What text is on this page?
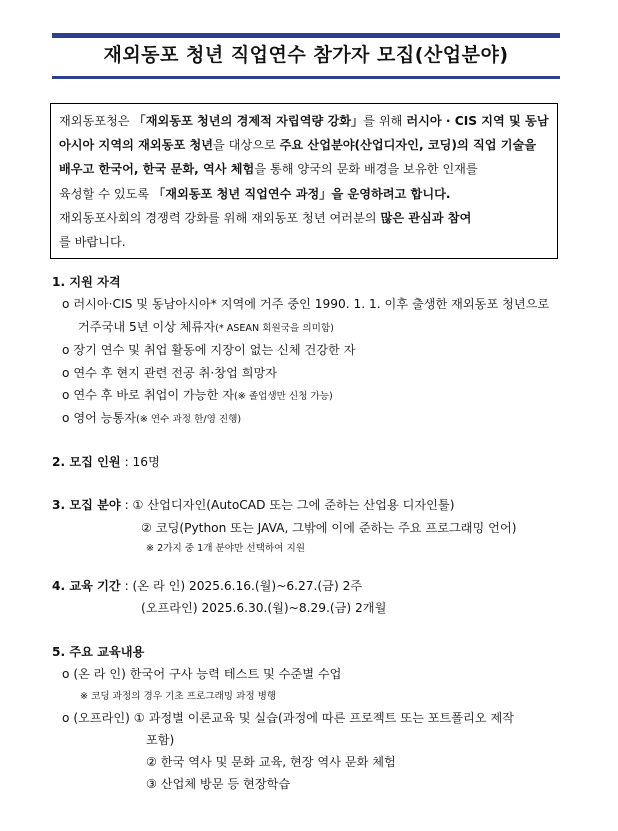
재외동포 청년 직업연수 참가자 모집(산업분야)
재외동포청은 「재외동포 청년의 경제적 자립역량 강화」를 위해 러시아 · CIS 지역 및 동남
아시아 지역의 재외동포 청년을 대상으로 주요 산업분야(산업디자인, 코딩)의 직업 기술을
배우고 한국어, 한국 문화, 역사 체험을 통해 양국의 문화 배경을 보유한 인재를
육성할 수 있도록 「재외동포 청년 직업연수 과정」을 운영하려고 합니다.
재외동포사회의 경쟁력 강화를 위해 재외동포 청년 여러분의 많은 관심과 참여
를 바랍니다.
1. 지원 자격
o 러시아·CIS 및 동남아시아* 지역에 거주 중인 1990. 1. 1. 이후 출생한 재외동포 청년으로
거주국내 5년 이상 체류자(* ASEAN 회원국을 의미함)
o 장기 연수 및 취업 활동에 지장이 없는 신체 건강한 자
o 연수 후 현지 관련 전공 취·창업 희망자
o 연수 후 바로 취업이 가능한 자(※ 졸업생만 신청 가능)
o 영어 능통자(※ 연수 과정 한/영 진행)
2. 모집 인원 : 16명
3. 모집 분야 : ① 산업디자인(AutoCAD 또는 그에 준하는 산업용 디자인툴)
② 코딩(Python 또는 JAVA, 그밖에 이에 준하는 주요 프로그래밍 언어)
※ 2가지 중 1개 분야만 선택하여 지원
4. 교육 기간 : (온 라 인) 2025.6.16.(월)~6.27.(금) 2주
(오프라인) 2025.6.30.(월)~8.29.(금) 2개월
5. 주요 교육내용
o (온 라 인) 한국어 구사 능력 테스트 및 수준별 수업
※ 코딩 과정의 경우 기초 프로그래밍 과정 병행
o (오프라인) ① 과정별 이론교육 및 실습(과정에 따른 프로젝트 또는 포트폴리오 제작
포함)
② 한국 역사 및 문화 교육, 현장 역사 문화 체험
③ 산업체 방문 등 현장학습
